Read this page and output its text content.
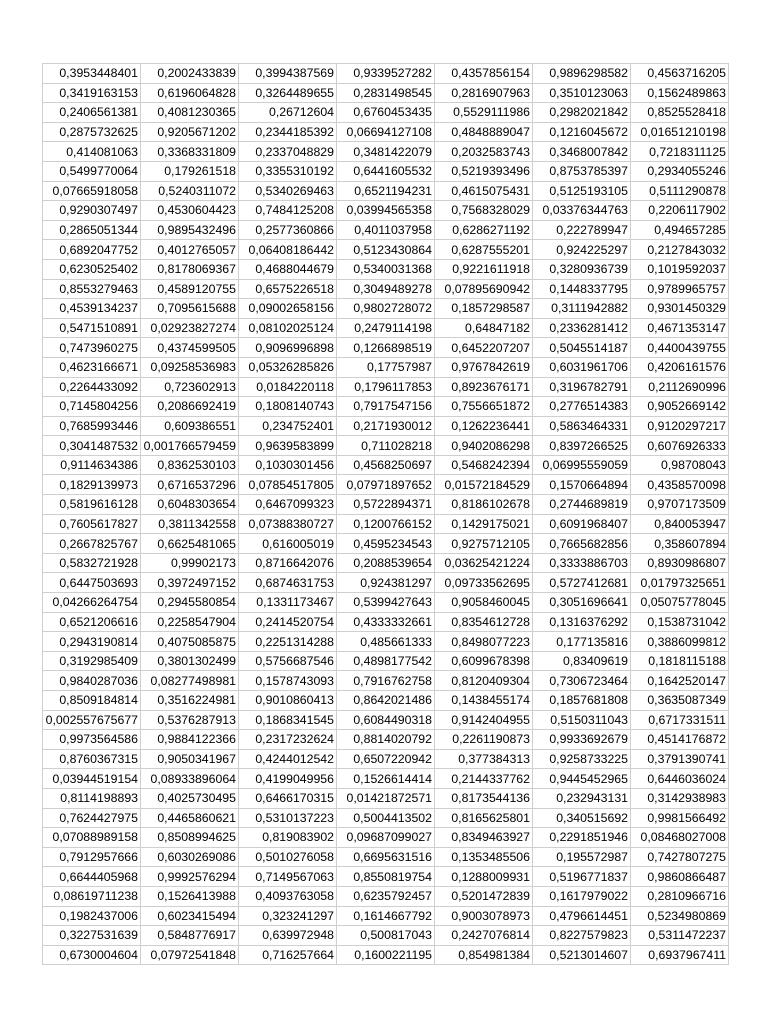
0,3953448401	0,2002433839	0,3994387569	0,9339527282	0,4357856154	0,9896298582	0,4563716205
0,3419163153	0,6196064828	0,3264489655	0,2831498545	0,2816907963	0,3510123063	0,1562489863
0,2406561381	0,4081230365	0,26712604	0,6760453435	0,5529111986	0,2982021842	0,8525528418
0,2875732625	0,9205671202	0,2344185392	0,06694127108	0,4848889047	0,1216045672	0,01651210198
0,414081063	0,3368331809	0,2337048829	0,3481422079	0,2032583743	0,3468007842	0,7218311125
0,5499770064	0,179261518	0,3355310192	0,6441605532	0,5219393496	0,8753785397	0,2934055246
0,07665918058	0,5240311072	0,5340269463	0,6521194231	0,4615075431	0,5125193105	0,5111290878
0,9290307497	0,4530604423	0,7484125208	0,03994565358	0,7568328029	0,03376344763	0,2206117902
0,2865051344	0,9895432496	0,2577360866	0,4011037958	0,6286271192	0,222789947	0,494657285
0,6892047752	0,4012765057	0,06408186442	0,5123430864	0,6287555201	0,924225297	0,2127843032
0,6230525402	0,8178069367	0,4688044679	0,5340031368	0,9221611918	0,3280936739	0,1019592037
0,8553279463	0,4589120755	0,6575226518	0,3049489278	0,07895690942	0,1448337795	0,9789965757
0,4539134237	0,7095615688	0,09002658156	0,9802728072	0,1857298587	0,3111942882	0,9301450329
0,5471510891	0,02923827274	0,08102025124	0,2479114198	0,64847182	0,2336281412	0,4671353147
0,7473960275	0,4374599505	0,9096996898	0,1266898519	0,6452207207	0,5045514187	0,4400439755
0,4623166671	0,09258536983	0,05326285826	0,17757987	0,9767842619	0,6031961706	0,4206161576
0,2264433092	0,723602913	0,0184220118	0,1796117853	0,8923676171	0,3196782791	0,2112690996
0,7145804256	0,2086692419	0,1808140743	0,7917547156	0,7556651872	0,2776514383	0,9052669142
0,7685993446	0,609386551	0,234752401	0,2171930012	0,1262236441	0,5863464331	0,9120297217
0,3041487532	0,001766579459	0,9639583899	0,711028218	0,9402086298	0,8397266525	0,6076926333
0,9114634386	0,8362530103	0,1030301456	0,4568250697	0,5468242394	0,06995559059	0,98708043
0,1829139973	0,6716537296	0,07854517805	0,07971897652	0,01572184529	0,1570664894	0,4358570098
0,5819616128	0,6048303654	0,6467099323	0,5722894371	0,8186102678	0,2744689819	0,9707173509
0,7605617827	0,3811342558	0,07388380727	0,1200766152	0,1429175021	0,6091968407	0,840053947
0,2667825767	0,6625481065	0,616005019	0,4595234543	0,9275712105	0,7665682856	0,358607894
0,5832721928	0,99902173	0,8716642076	0,2088539654	0,03625421224	0,3333886703	0,8930986807
0,6447503693	0,3972497152	0,6874631753	0,924381297	0,09733562695	0,5727412681	0,01797325651
0,04266264754	0,2945580854	0,1331173467	0,5399427643	0,9058460045	0,3051696641	0,05075778045
0,6521206616	0,2258547904	0,2414520754	0,4333332661	0,8354612728	0,1316376292	0,1538731042
0,2943190814	0,4075085875	0,2251314288	0,485661333	0,8498077223	0,177135816	0,3886099812
0,3192985409	0,3801302499	0,5756687546	0,4898177542	0,6099678398	0,83409619	0,1818115188
0,9840287036	0,08277498981	0,1578743093	0,7916762758	0,8120409304	0,7306723464	0,1642520147
0,8509184814	0,3516224981	0,9010860413	0,8642021486	0,1438455174	0,1857681808	0,3635087349
0,002557675677	0,5376287913	0,1868341545	0,6084490318	0,9142404955	0,5150311043	0,6717331511
0,9973564586	0,9884122366	0,2317232624	0,8814020792	0,2261190873	0,9933692679	0,4514176872
0,8760367315	0,9050341967	0,4244012542	0,6507220942	0,377384313	0,9258733225	0,3791390741
0,03944519154	0,08933896064	0,4199049956	0,1526614414	0,2144337762	0,9445452965	0,6446036024
0,8114198893	0,4025730495	0,6466170315	0,01421872571	0,8173544136	0,232943131	0,3142938983
0,7624427975	0,4465860621	0,5310137223	0,5004413502	0,8165625801	0,340515692	0,9981566492
0,07088989158	0,8508994625	0,819083902	0,09687099027	0,8349463927	0,2291851946	0,08468027008
0,7912957666	0,6030269086	0,5010276058	0,6695631516	0,1353485506	0,195572987	0,7427807275
0,6644405968	0,9992576294	0,7149567063	0,8550819754	0,1288009931	0,5196771837	0,9860866487
0,08619711238	0,1526413988	0,4093763058	0,6235792457	0,5201472839	0,1617979022	0,2810966716
0,1982437006	0,6023415494	0,323241297	0,1614667792	0,9003078973	0,4796614451	0,5234980869
0,3227531639	0,5848776917	0,639972948	0,500817043	0,2427076814	0,8227579823	0,5311472237
0,6730004604	0,07972541848	0,716257664	0,1600221195	0,854981384	0,5213014607	0,6937967411
